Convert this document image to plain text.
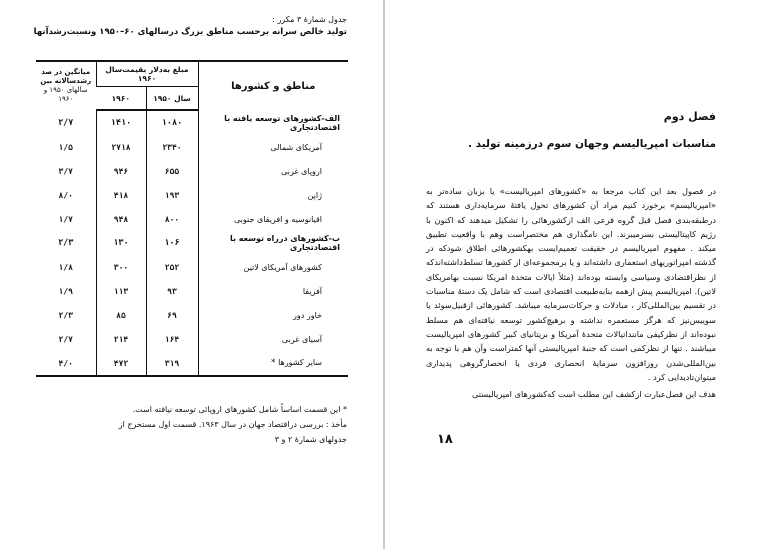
جدول شمارهٔ ۳ مکرر :
تولید خالص سرانه برحسب مناطق بزرگ درسالهای ۶۰–۱۹۵۰ ونسبت‌رشدآنها
مناطق و کشورها	مبلغ به‌دلار بقیمت‌سال ۱۹۶۰		میانگین در صد رشدسالانه بین
سالهای ۱۹۵۰ و ۱۹۶۰
	سال ۱۹۵۰	۱۹۶۰	
الف-کشورهای توسعه یافته با اقتصادتجاری	۱۰۸۰	۱۴۱۰	۲/۷
آمریکای شمالی	۲۳۴۰	۲۷۱۸	۱/۵
اروپای غربی	۶۵۵	۹۴۶	۳/۷
ژاپن	۱۹۳	۴۱۸	۸/۰
اقیانوسیه و افریقای جنوبی	۸۰۰	۹۴۸	۱/۷
ب-کشورهای درراه توسعه با اقتصادتجاری	۱۰۶	۱۳۰	۲/۳
کشورهای آمریکای لاتین	۲۵۲	۳۰۰	۱/۸
آفریقا	۹۳	۱۱۳	۱/۹
خاور دور	۶۹	۸۵	۲/۳
آسیای غربی	۱۶۴	۲۱۴	۲/۷
سایر کشورها *	۳۱۹	۴۷۲	۴/۰
* این قسمت اساساً شامل کشورهای اروپائی توسعه نیافته است.
مأخذ : بررسی دراقتصاد جهان در سال ۱۹۶۳. قسمت اول مستخرج از
جدولهای شمارهٔ ۲ و ۳
فصل دوم
مناسبات امپریالیسم وجهان سوم درزمینه تولید .

در فصول بعد این کتاب مرجعا به «کشورهای امپریالیست» یا بزبان ساده‌تر به «امپریالیسم» برخورد کنیم مراد آن کشورهای تحول یافتهٔ سرمایه‌داری هستند که درطبقه‌بندی فصل قبل گروه فرعی الف ازکشورهائی را تشکیل میدهند که اکنون با رژیم کاپیتالیستی بسرمیبرند. این نامگذاری هم مختصراست وهم با واقعیت تطبیق میکند . مفهوم امپریالیسم در حقیقت تعمیم‌ایست بهکشورهائی اطلاق شودکه در گذشته امپراتوریهای استعماری داشته‌اند و یا برمجموعه‌ای از کشورها تسلط‌داشته‌اندکه از نظراقتصادی وسیاسی وابسته بوده‌اند (مثلاً ایالات متحدهٔ امریکا نسبت بهامریکای لاتین). امپریالیسم پیش ازهمه بنابه‌طبیعت اقتصادی است که شامل یک دستهٔ مناسبات در تقسیم بین‌المللی‌کار ، مبادلات و حرکات‌سرمایه میباشد. کشورهائی ازقبیل‌سوئد یا سوییس‌نیز که هرگز مستعمره نداشته و برهیچ‌کشور توسعه نیافته‌ای هم مسلط نبوده‌اند از نظرکیفی ماننداتیالات متحدهٔ آمریکا و بریتانیای کبیر کشورهای امپریالیست میباشند . تنها از نظرکمی است که جنبهٔ امپریالیستی آنها کمتراست وآن‌ هم با توجه به بین‌المللی‌شدن روزافزون سرمایهٔ انحصاری فردی یا انحصارگروهی پدیداری میتوان‌تادیدایی کرد .

هدف این فصل‌عبارت ازکشف این مطلب است که‌کشورهای امپریالیستی

۱۸
